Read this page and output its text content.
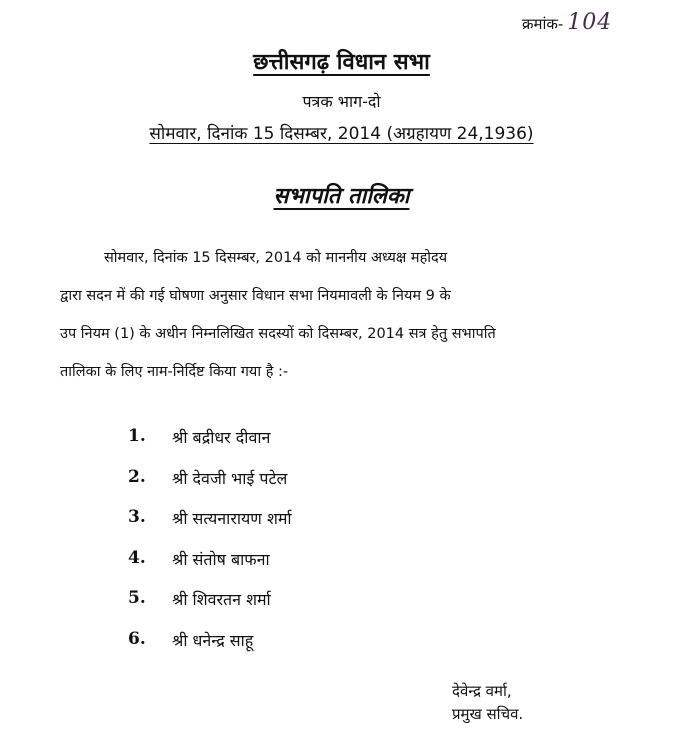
क्रमांक- 104
छत्तीसगढ़ विधान सभा
पत्रक भाग-दो
सोमवार, दिनांक 15 दिसम्बर, 2014 (अग्रहायण 24,1936)
सभापति तालिका
सोमवार, दिनांक 15 दिसम्बर, 2014 को माननीय अध्यक्ष महोदय
द्वारा सदन में की गई घोषणा अनुसार विधान सभा नियमावली के नियम 9 के
उप नियम (1) के अधीन निम्नलिखित सदस्यों को दिसम्बर, 2014 सत्र हेतु सभापति
तालिका के लिए नाम-निर्दिष्ट किया गया है :-
1.	श्री बद्रीधर दीवान
2.	श्री देवजी भाई पटेल
3.	श्री सत्यनारायण शर्मा
4.	श्री संतोष बाफना
5.	श्री शिवरतन शर्मा
6.	श्री धनेन्द्र साहू
देवेन्द्र वर्मा,
प्रमुख सचिव.
